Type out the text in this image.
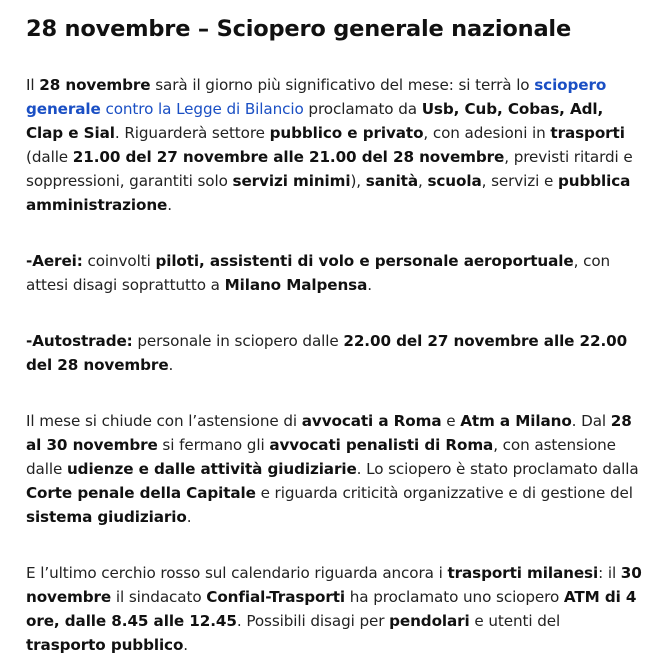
28 novembre – Sciopero generale nazionale

Il 28 novembre sarà il giorno più significativo del mese: si terrà lo sciopero generale contro la Legge di Bilancio proclamato da Usb, Cub, Cobas, Adl, Clap e Sial. Riguarderà settore pubblico e privato, con adesioni in trasporti (dalle 21.00 del 27 novembre alle 21.00 del 28 novembre, previsti ritardi e soppressioni, garantiti solo servizi minimi), sanità, scuola, servizi e pubblica amministrazione.

-Aerei: coinvolti piloti, assistenti di volo e personale aeroportuale, con attesi disagi soprattutto a Milano Malpensa.

-Autostrade: personale in sciopero dalle 22.00 del 27 novembre alle 22.00 del 28 novembre.

Il mese si chiude con l’astensione di avvocati a Roma e Atm a Milano. Dal 28 al 30 novembre si fermano gli avvocati penalisti di Roma, con astensione dalle udienze e dalle attività giudiziarie. Lo sciopero è stato proclamato dalla Corte penale della Capitale e riguarda criticità organizzative e di gestione del sistema giudiziario.

E l’ultimo cerchio rosso sul calendario riguarda ancora i trasporti milanesi: il 30 novembre il sindacato Confial-Trasporti ha proclamato uno sciopero ATM di 4 ore, dalle 8.45 alle 12.45. Possibili disagi per pendolari e utenti del trasporto pubblico.
